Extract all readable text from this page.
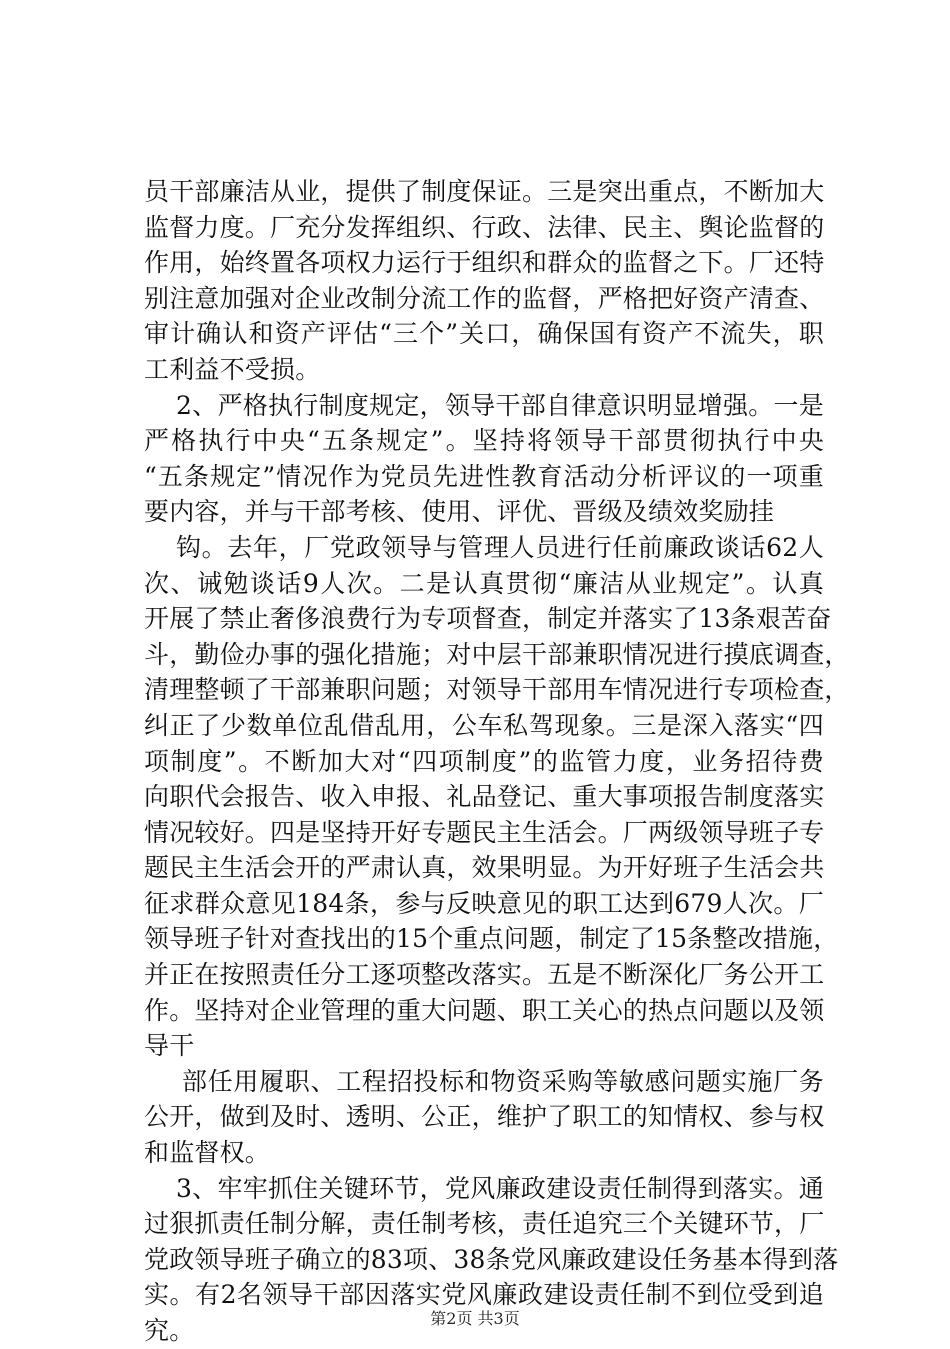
员干部廉洁从业，提供了制度保证。三是突出重点，不断加大
监督力度。厂充分发挥组织、行政、法律、民主、舆论监督的
作用，始终置各项权力运行于组织和群众的监督之下。厂还特
别注意加强对企业改制分流工作的监督，严格把好资产清查、
审计确认和资产评估“三个”关口，确保国有资产不流失，职
工利益不受损。
2、严格执行制度规定，领导干部自律意识明显增强。一是
严格执行中央“五条规定”。坚持将领导干部贯彻执行中央
“五条规定”情况作为党员先进性教育活动分析评议的一项重
要内容，并与干部考核、使用、评优、晋级及绩效奖励挂
钩。去年，厂党政领导与管理人员进行任前廉政谈话62人
次、诫勉谈话9人次。二是认真贯彻“廉洁从业规定”。认真
开展了禁止奢侈浪费行为专项督查，制定并落实了13条艰苦奋
斗，勤俭办事的强化措施；对中层干部兼职情况进行摸底调查，
清理整顿了干部兼职问题；对领导干部用车情况进行专项检查，
纠正了少数单位乱借乱用，公车私驾现象。三是深入落实“四
项制度”。不断加大对“四项制度”的监管力度，业务招待费
向职代会报告、收入申报、礼品登记、重大事项报告制度落实
情况较好。四是坚持开好专题民主生活会。厂两级领导班子专
题民主生活会开的严肃认真，效果明显。为开好班子生活会共
征求群众意见184条，参与反映意见的职工达到679人次。厂
领导班子针对查找出的15个重点问题，制定了15条整改措施，
并正在按照责任分工逐项整改落实。五是不断深化厂务公开工
作。坚持对企业管理的重大问题、职工关心的热点问题以及领
导干
部任用履职、工程招投标和物资采购等敏感问题实施厂务
公开，做到及时、透明、公正，维护了职工的知情权、参与权
和监督权。
3、牢牢抓住关键环节，党风廉政建设责任制得到落实。通
过狠抓责任制分解，责任制考核，责任追究三个关键环节，厂
党政领导班子确立的83项、38条党风廉政建设任务基本得到落
实。有2名领导干部因落实党风廉政建设责任制不到位受到追
究。	第2页 共3页
